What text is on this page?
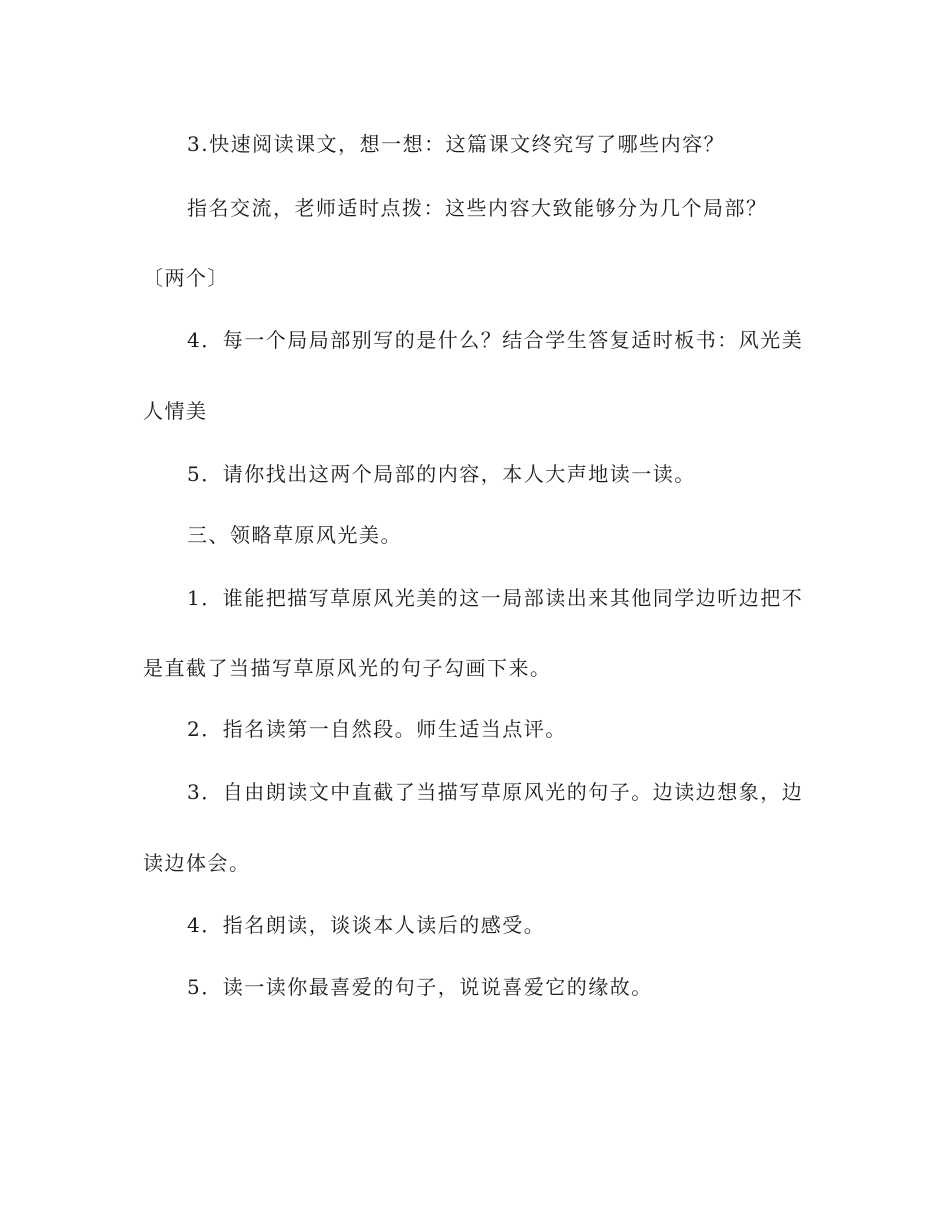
3.快速阅读课文，想一想：这篇课文终究写了哪些内容？
指名交流，老师适时点拨：这些内容大致能够分为几个局部？
〔两个〕
4．每一个局局部别写的是什么？结合学生答复适时板书：风光美
人情美
5．请你找出这两个局部的内容，本人大声地读一读。
三、领略草原风光美。
1．谁能把描写草原风光美的这一局部读出来其他同学边听边把不
是直截了当描写草原风光的句子勾画下来。
2．指名读第一自然段。师生适当点评。
3．自由朗读文中直截了当描写草原风光的句子。边读边想象，边
读边体会。
4．指名朗读，谈谈本人读后的感受。
5．读一读你最喜爱的句子，说说喜爱它的缘故。
